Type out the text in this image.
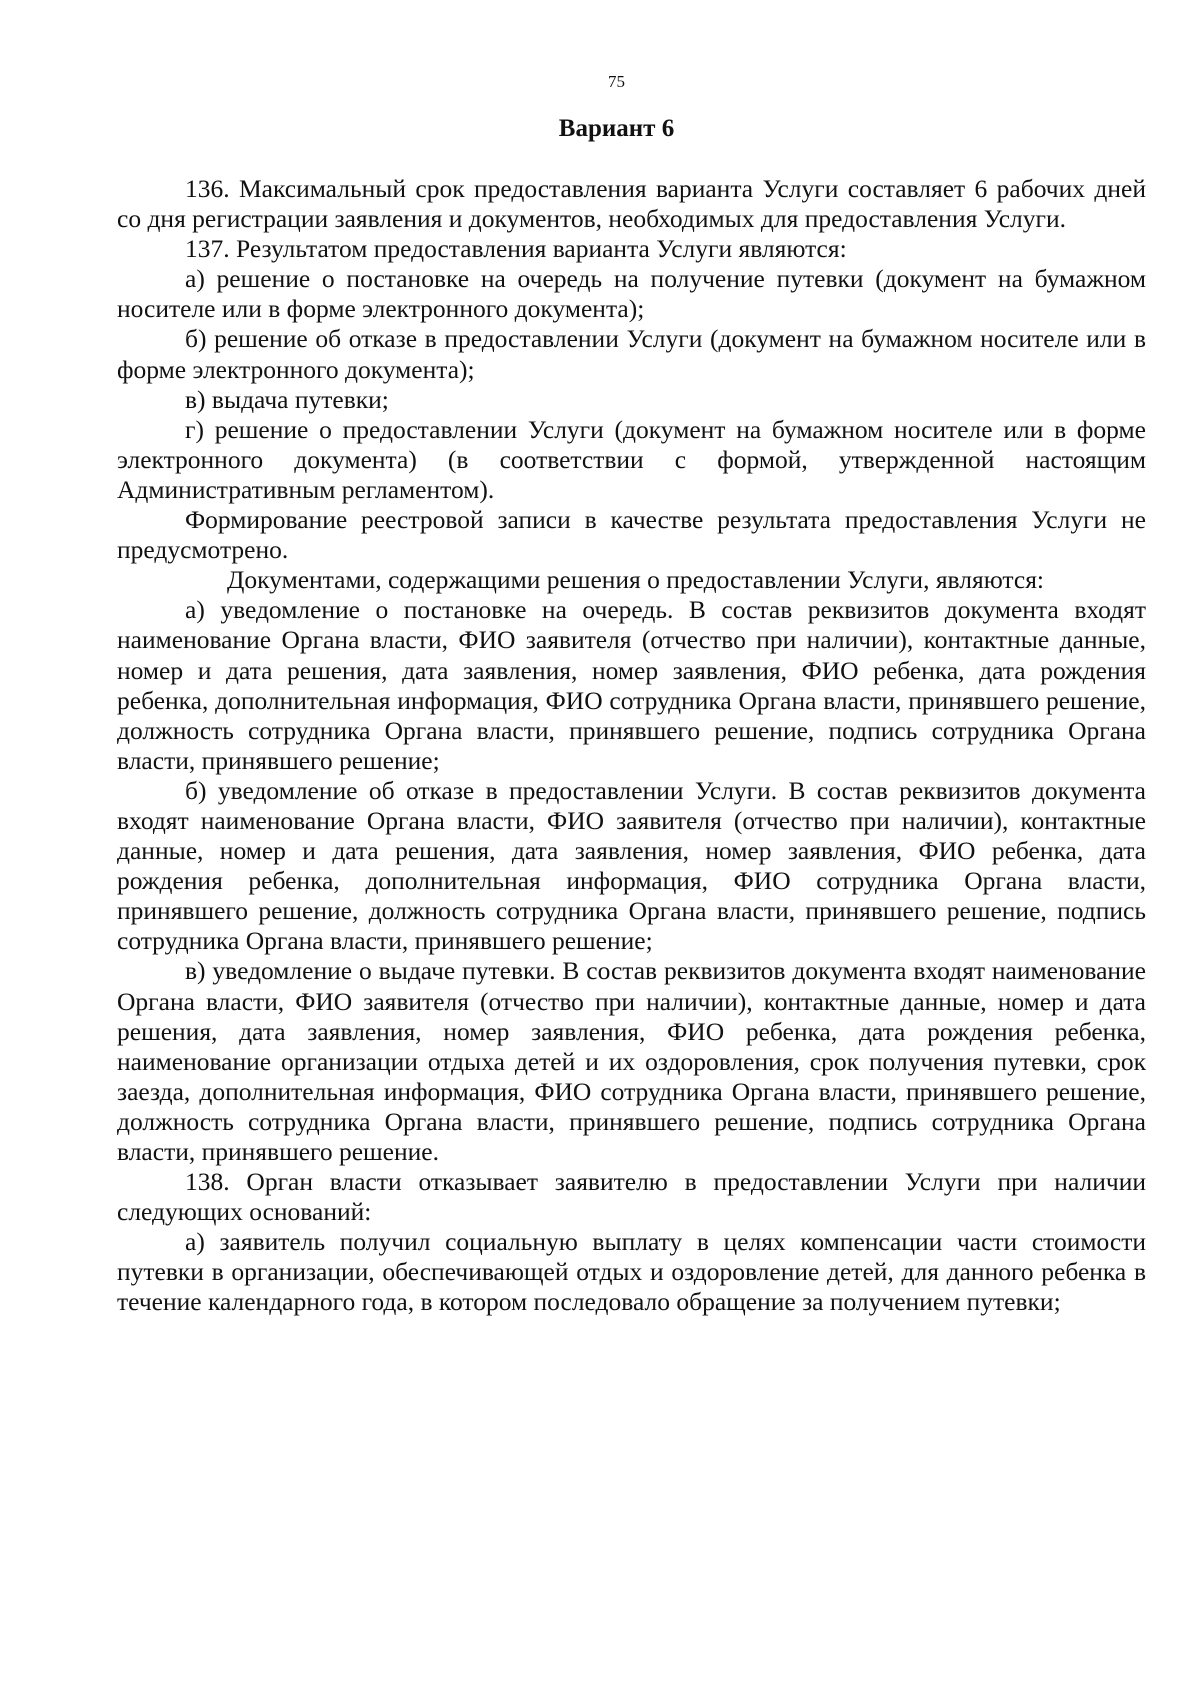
75
Вариант 6

136. Максимальный срок предоставления варианта Услуги составляет 6 рабочих дней со дня регистрации заявления и документов, необходимых для предоставления Услуги.

137. Результатом предоставления варианта Услуги являются:

а) решение о постановке на очередь на получение путевки (документ на бумажном носителе или в форме электронного документа);

б) решение об отказе в предоставлении Услуги (документ на бумажном носителе или в форме электронного документа);

в) выдача путевки;

г) решение о предоставлении Услуги (документ на бумажном носителе или в форме электронного документа) (в соответствии с формой, утвержденной настоящим Административным регламентом).

Формирование реестровой записи в качестве результата предоставления Услуги не предусмотрено.

Документами, содержащими решения о предоставлении Услуги, являются:

а) уведомление о постановке на очередь. В состав реквизитов документа входят наименование Органа власти, ФИО заявителя (отчество при наличии), контактные данные, номер и дата решения, дата заявления, номер заявления, ФИО ребенка, дата рождения ребенка, дополнительная информация, ФИО сотрудника Органа власти, принявшего решение, должность сотрудника Органа власти, принявшего решение, подпись сотрудника Органа власти, принявшего решение;

б) уведомление об отказе в предоставлении Услуги. В состав реквизитов документа входят наименование Органа власти, ФИО заявителя (отчество при наличии), контактные данные, номер и дата решения, дата заявления, номер заявления, ФИО ребенка, дата рождения ребенка, дополнительная информация, ФИО сотрудника Органа власти, принявшего решение, должность сотрудника Органа власти, принявшего решение, подпись сотрудника Органа власти, принявшего решение;

в) уведомление о выдаче путевки. В состав реквизитов документа входят наименование Органа власти, ФИО заявителя (отчество при наличии), контактные данные, номер и дата решения, дата заявления, номер заявления, ФИО ребенка, дата рождения ребенка, наименование организации отдыха детей и их оздоровления, срок получения путевки, срок заезда, дополнительная информация, ФИО сотрудника Органа власти, принявшего решение, должность сотрудника Органа власти, принявшего решение, подпись сотрудника Органа власти, принявшего решение.

138. Орган власти отказывает заявителю в предоставлении Услуги при наличии следующих оснований:

а) заявитель получил социальную выплату в целях компенсации части стоимости путевки в организации, обеспечивающей отдых и оздоровление детей, для данного ребенка в течение календарного года, в котором последовало обращение за получением путевки;
